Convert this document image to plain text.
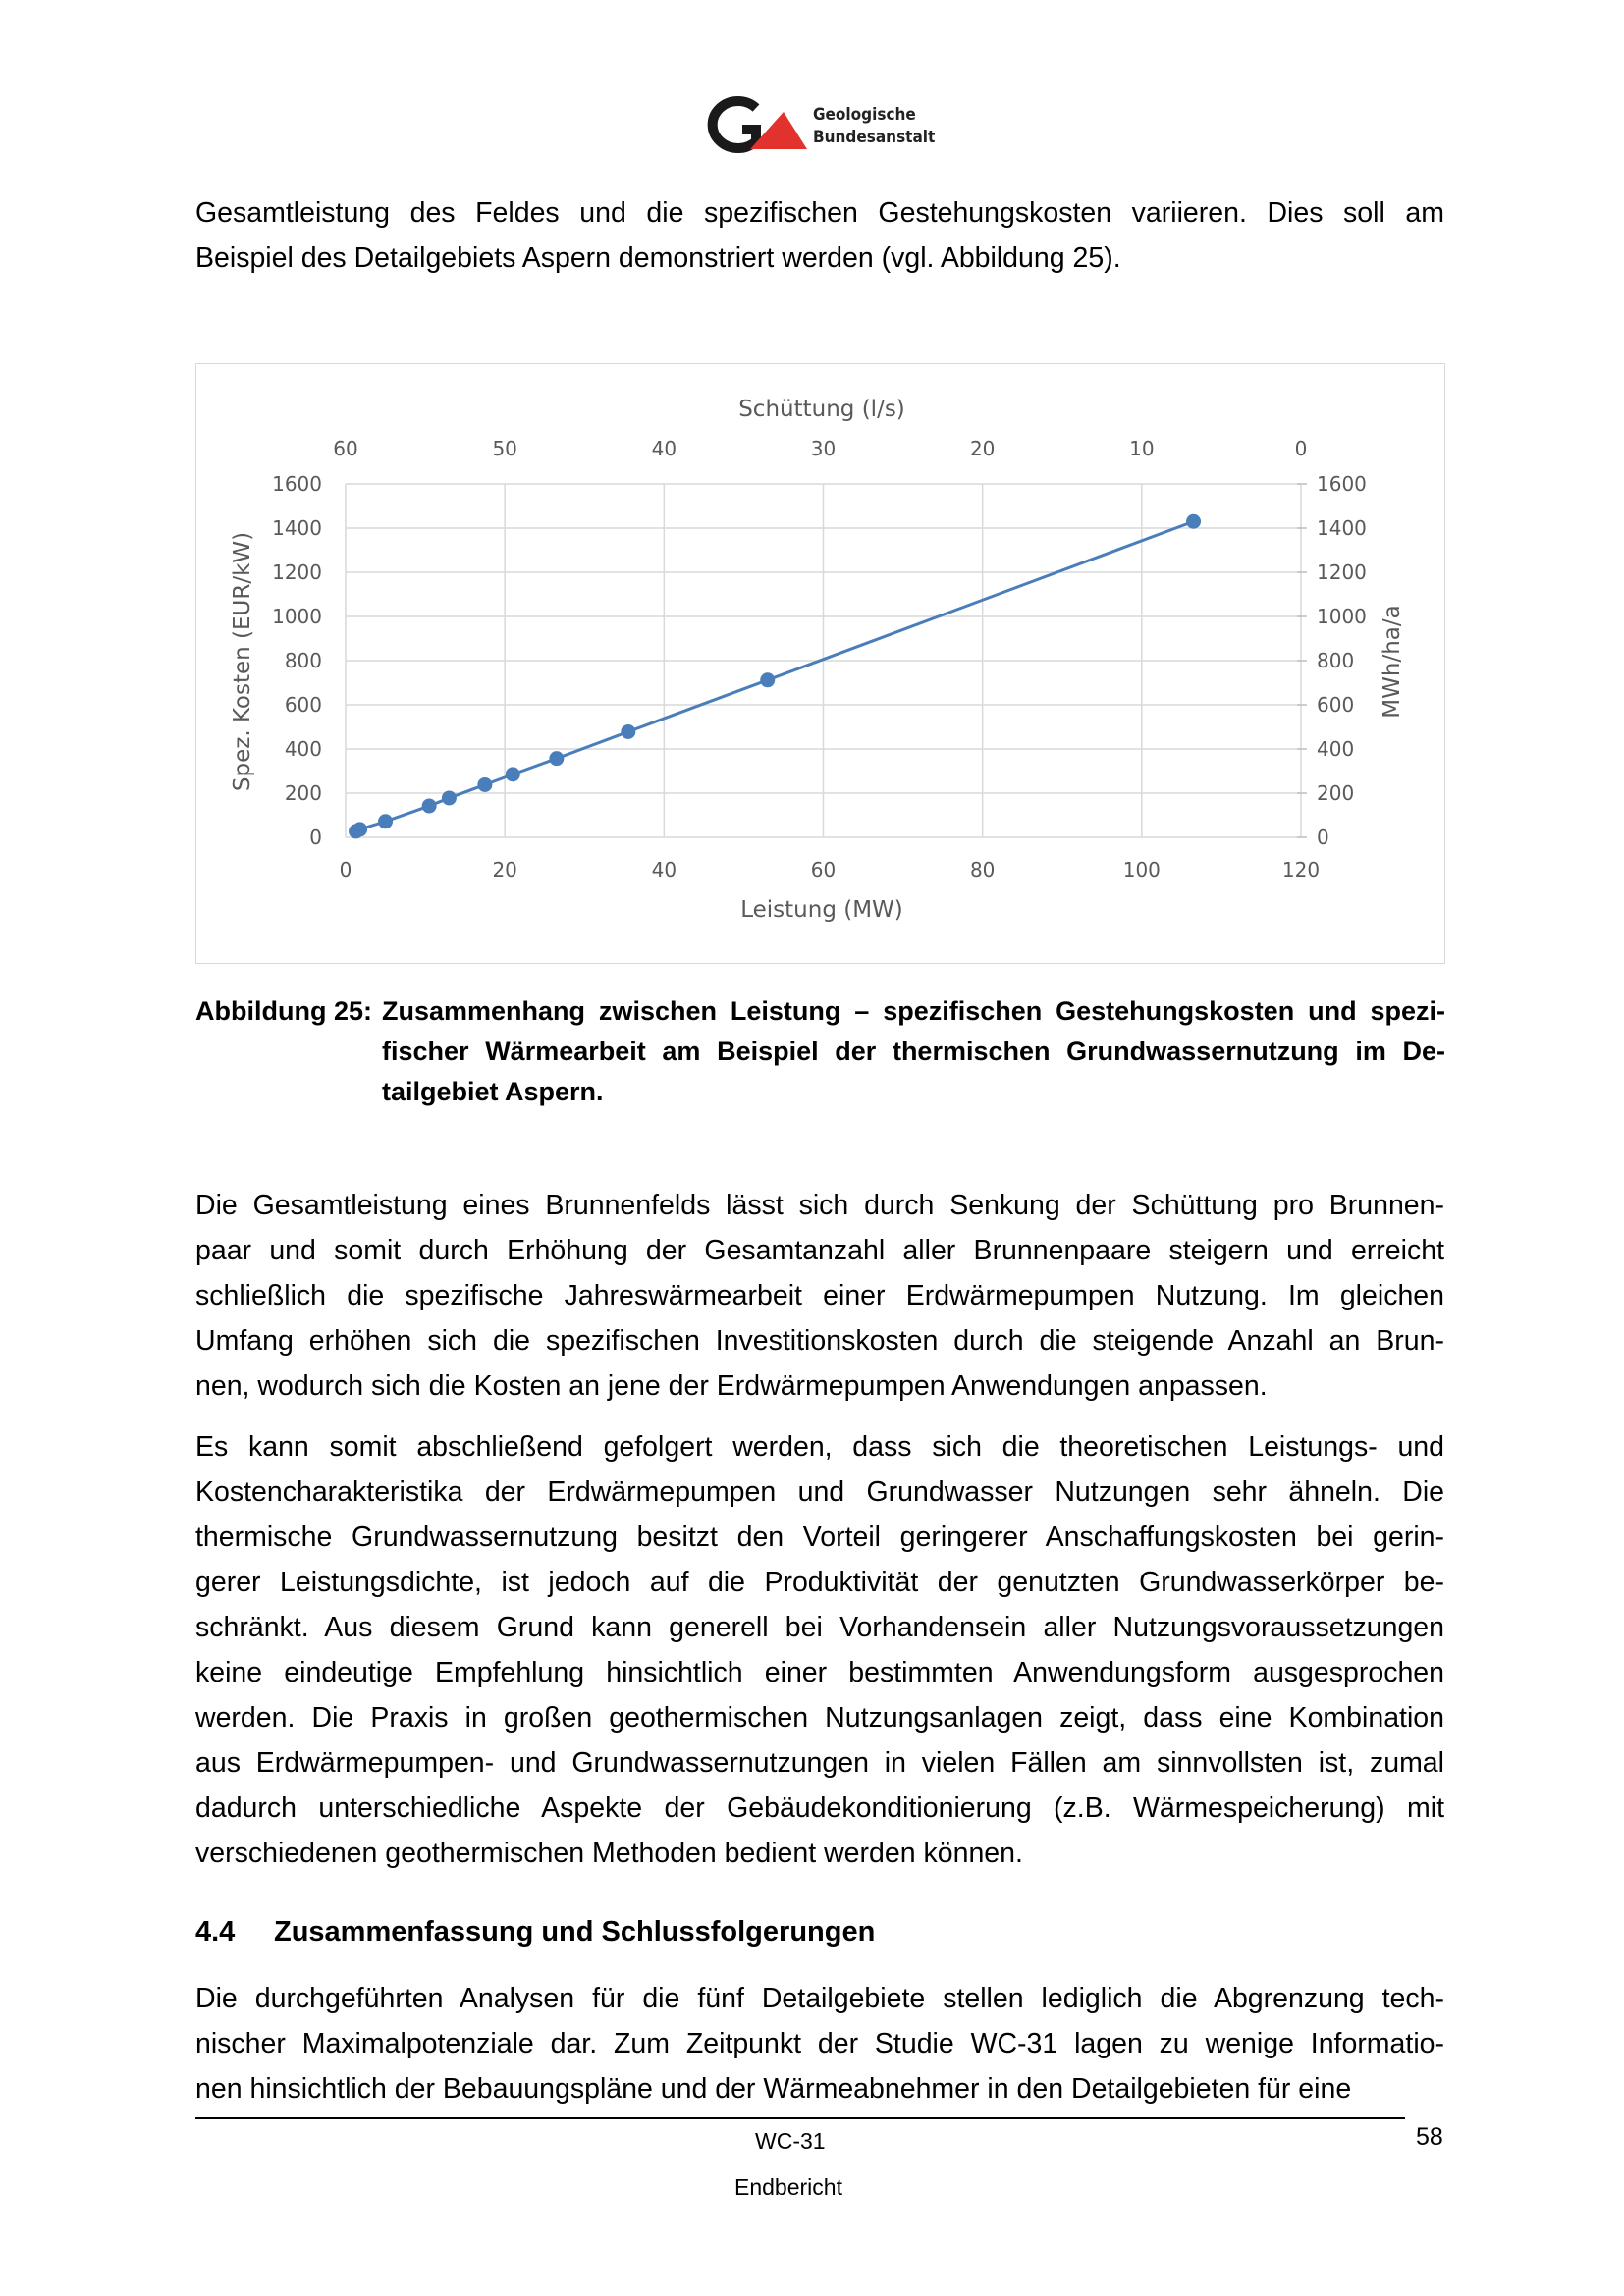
Geologische
Bundesanstalt
Gesamtleistung des Feldes und die spezifischen Gestehungskosten variieren. Dies soll am
Beispiel des Detailgebiets Aspern demonstriert werden (vgl. Abbildung 25).
0	20	40	60	80	100	120
60	50	40	30	20	10	0
0
200
400
600
800
1000
1200
1400
1600
0
200
400
600
800
1000
1200
1400
1600
Schüttung (l/s)
Leistung (MW)
Spez. Kosten (EUR/kW)	MWh/ha/a
Abbildung 25: Zusammenhang zwischen Leistung – spezifischen Gestehungskosten und spezi-
fischer Wärmearbeit am Beispiel der thermischen Grundwassernutzung im De-
tailgebiet Aspern.
Die Gesamtleistung eines Brunnenfelds lässt sich durch Senkung der Schüttung pro Brunnen-
paar und somit durch Erhöhung der Gesamtanzahl aller Brunnenpaare steigern und erreicht
schließlich die spezifische Jahreswärmearbeit einer Erdwärmepumpen Nutzung. Im gleichen
Umfang erhöhen sich die spezifischen Investitionskosten durch die steigende Anzahl an Brun-
nen, wodurch sich die Kosten an jene der Erdwärmepumpen Anwendungen anpassen.
Es kann somit abschließend gefolgert werden, dass sich die theoretischen Leistungs- und
Kostencharakteristika der Erdwärmepumpen und Grundwasser Nutzungen sehr ähneln. Die
thermische Grundwassernutzung besitzt den Vorteil geringerer Anschaffungskosten bei gerin-
gerer Leistungsdichte, ist jedoch auf die Produktivität der genutzten Grundwasserkörper be-
schränkt. Aus diesem Grund kann generell bei Vorhandensein aller Nutzungsvoraussetzungen
keine eindeutige Empfehlung hinsichtlich einer bestimmten Anwendungsform ausgesprochen
werden. Die Praxis in großen geothermischen Nutzungsanlagen zeigt, dass eine Kombination
aus Erdwärmepumpen- und Grundwassernutzungen in vielen Fällen am sinnvollsten ist, zumal
dadurch unterschiedliche Aspekte der Gebäudekonditionierung (z.B. Wärmespeicherung) mit
verschiedenen geothermischen Methoden bedient werden können.
4.4 Zusammenfassung und Schlussfolgerungen
Die durchgeführten Analysen für die fünf Detailgebiete stellen lediglich die Abgrenzung tech-
nischer Maximalpotenziale dar. Zum Zeitpunkt der Studie WC-31 lagen zu wenige Informatio-
nen hinsichtlich der Bebauungspläne und der Wärmeabnehmer in den Detailgebieten für eine
WC-31	58
Endbericht
